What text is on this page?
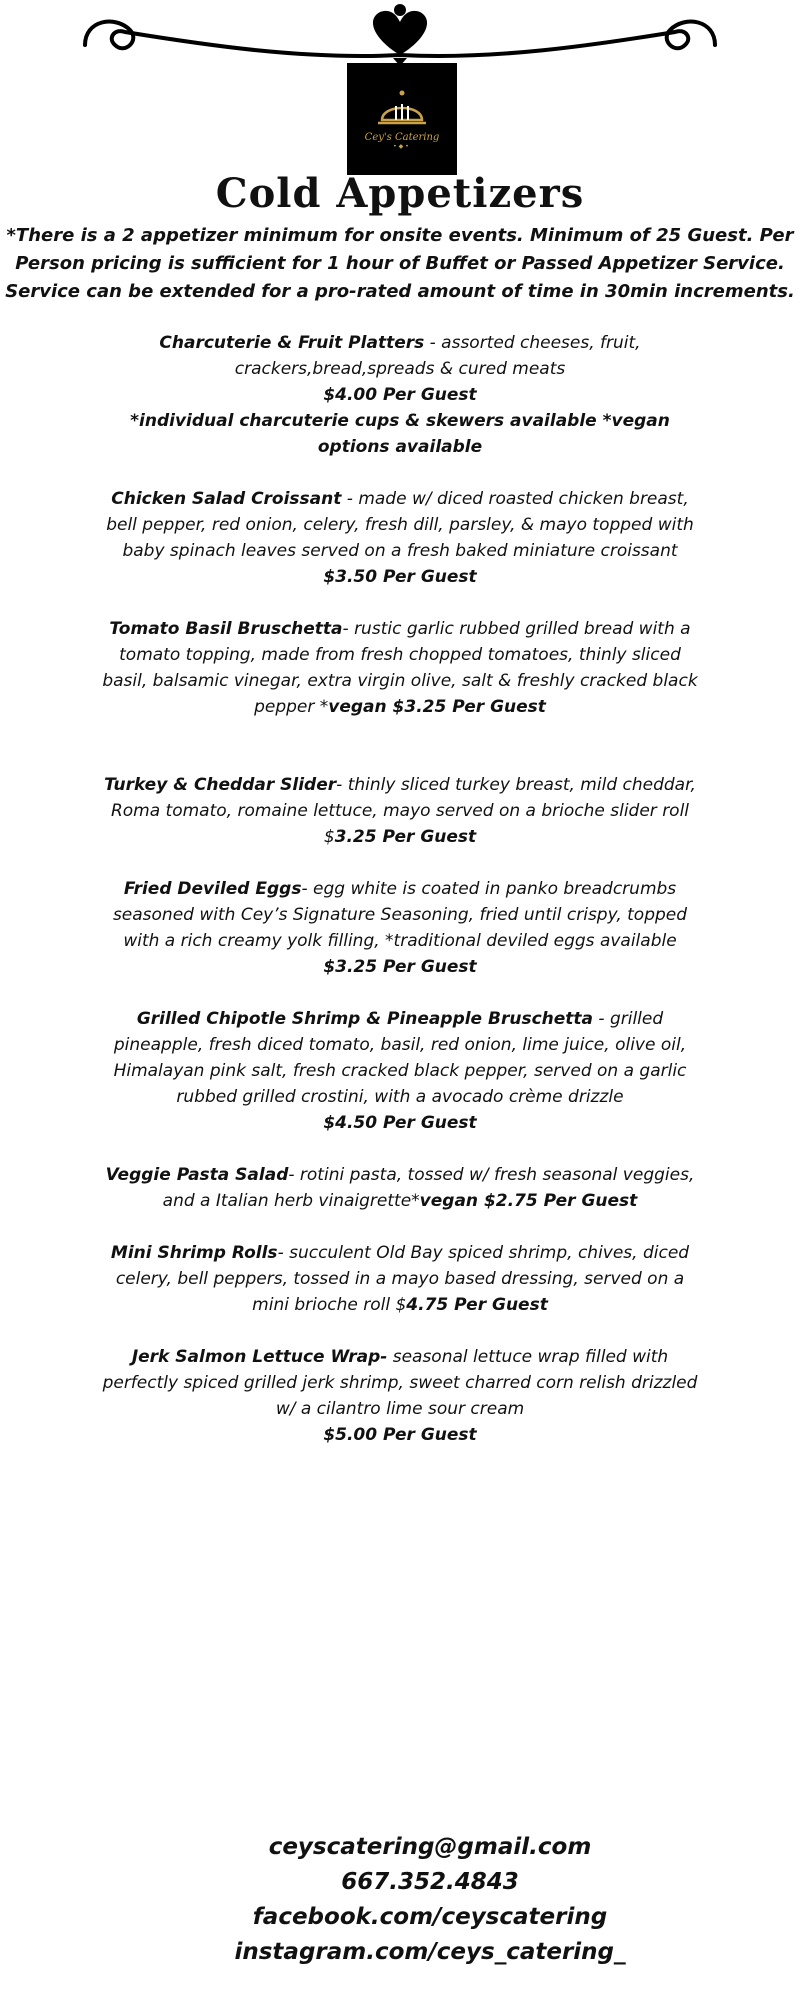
Cey's Catering
•◆•
Cold Appetizers

*There is a 2 appetizer minimum for onsite events. Minimum of 25 Guest. Per Person pricing is sufficient for 1 hour of Buffet or Passed Appetizer Service. Service can be extended for a pro-rated amount of time in 30min increments.

Charcuterie & Fruit Platters - assorted cheeses, fruit, crackers,bread,spreads & cured meats
$4.00 Per Guest
*individual charcuterie cups & skewers available *vegan options available

Chicken Salad Croissant - made w/ diced roasted chicken breast, bell pepper, red onion, celery, fresh dill, parsley, & mayo topped with baby spinach leaves served on a fresh baked miniature croissant
$3.50 Per Guest

Tomato Basil Bruschetta- rustic garlic rubbed grilled bread with a tomato topping, made from fresh chopped tomatoes, thinly sliced basil, balsamic vinegar, extra virgin olive, salt & freshly cracked black pepper *vegan $3.25 Per Guest

Turkey & Cheddar Slider- thinly sliced turkey breast, mild cheddar, Roma tomato, romaine lettuce, mayo served on a brioche slider roll $3.25 Per Guest

Fried Deviled Eggs- egg white is coated in panko breadcrumbs seasoned with Cey’s Signature Seasoning, fried until crispy, topped with a rich creamy yolk filling, *traditional deviled eggs available
$3.25 Per Guest

Grilled Chipotle Shrimp & Pineapple Bruschetta - grilled pineapple, fresh diced tomato, basil, red onion, lime juice, olive oil, Himalayan pink salt, fresh cracked black pepper, served on a garlic rubbed grilled crostini, with a avocado crème drizzle
$4.50 Per Guest

Veggie Pasta Salad- rotini pasta, tossed w/ fresh seasonal veggies, and a Italian herb vinaigrette*vegan $2.75 Per Guest

Mini Shrimp Rolls- succulent Old Bay spiced shrimp, chives, diced celery, bell peppers, tossed in a mayo based dressing, served on a mini brioche roll $4.75 Per Guest

Jerk Salmon Lettuce Wrap- seasonal lettuce wrap filled with perfectly spiced grilled jerk shrimp, sweet charred corn relish drizzled w/ a cilantro lime sour cream
$5.00 Per Guest

ceyscatering@gmail.com
667.352.4843
facebook.com/ceyscatering
instagram.com/ceys_catering_
